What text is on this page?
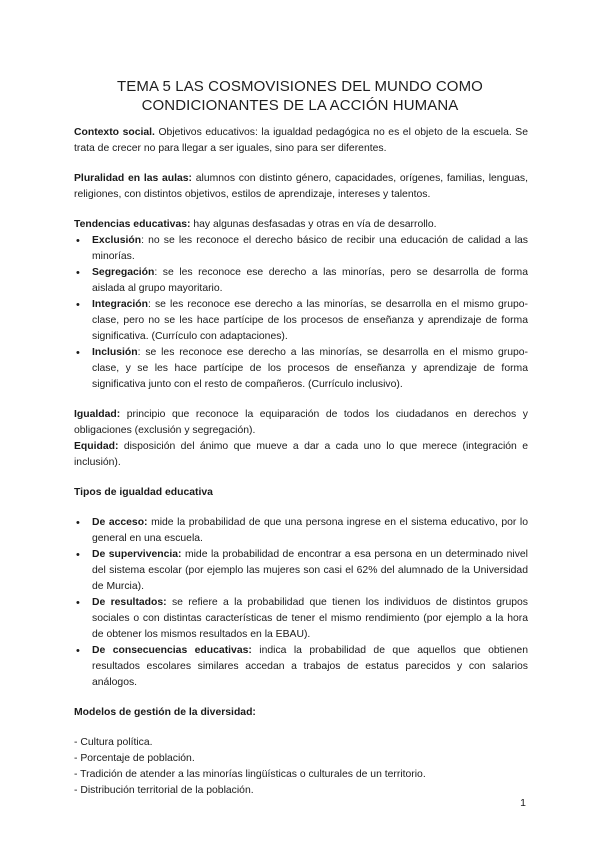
TEMA 5 LAS COSMOVISIONES DEL MUNDO COMO
CONDICIONANTES DE LA ACCIÓN HUMANA

Contexto social. Objetivos educativos: la igualdad pedagógica no es el objeto de la escuela. Se trata de crecer no para llegar a ser iguales, sino para ser diferentes.

Pluralidad en las aulas: alumnos con distinto género, capacidades, orígenes, familias, lenguas, religiones, con distintos objetivos, estilos de aprendizaje, intereses y talentos.

Tendencias educativas: hay algunas desfasadas y otras en vía de desarrollo.

• Exclusión: no se les reconoce el derecho básico de recibir una educación de calidad a las minorías.
• Segregación: se les reconoce ese derecho a las minorías, pero se desarrolla de forma aislada al grupo mayoritario.
• Integración: se les reconoce ese derecho a las minorías, se desarrolla en el mismo grupo-clase, pero no se les hace partícipe de los procesos de enseñanza y aprendizaje de forma significativa. (Currículo con adaptaciones).
• Inclusión: se les reconoce ese derecho a las minorías, se desarrolla en el mismo grupo-clase, y se les hace partícipe de los procesos de enseñanza y aprendizaje de forma significativa junto con el resto de compañeros. (Currículo inclusivo).

Igualdad: principio que reconoce la equiparación de todos los ciudadanos en derechos y obligaciones (exclusión y segregación).

Equidad: disposición del ánimo que mueve a dar a cada uno lo que merece (integración e inclusión).

Tipos de igualdad educativa

• De acceso: mide la probabilidad de que una persona ingrese en el sistema educativo, por lo general en una escuela.
• De supervivencia: mide la probabilidad de encontrar a esa persona en un determinado nivel del sistema escolar (por ejemplo las mujeres son casi el 62% del alumnado de la Universidad de Murcia).
• De resultados: se refiere a la probabilidad que tienen los individuos de distintos grupos sociales o con distintas características de tener el mismo rendimiento (por ejemplo a la hora de obtener los mismos resultados en la EBAU).
• De consecuencias educativas: indica la probabilidad de que aquellos que obtienen resultados escolares similares accedan a trabajos de estatus parecidos y con salarios análogos.

Modelos de gestión de la diversidad:

- Cultura política.

- Porcentaje de población.

- Tradición de atender a las minorías lingüísticas o culturales de un territorio.

- Distribución territorial de la población.

1
